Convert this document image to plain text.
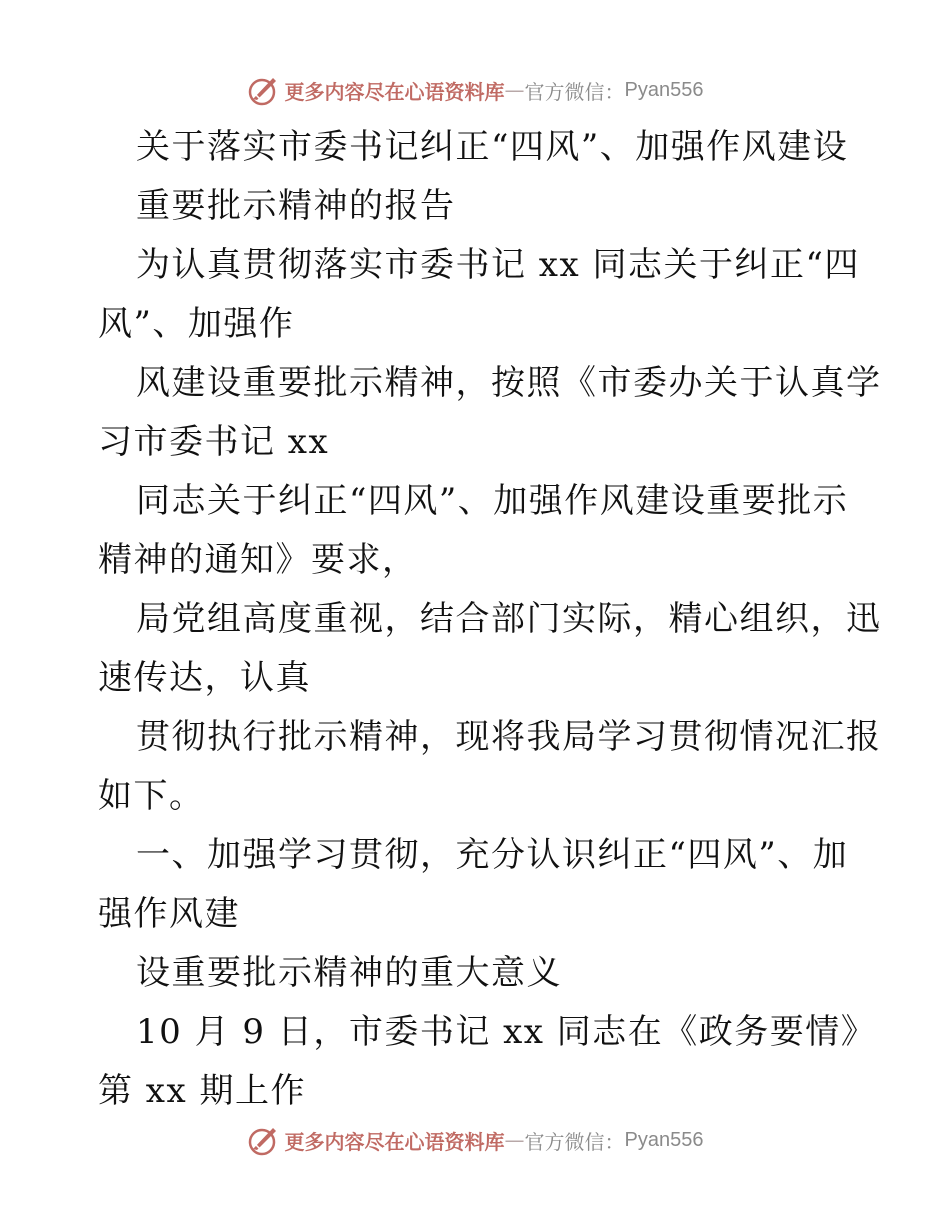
更多内容尽在心语资料库 — 官方微信： Pyan556
关于落实市委书记纠正“四风”、加强作风建设
重要批示精神的报告
为认真贯彻落实市委书记 xx 同志关于纠正“四
风”、加强作
风建设重要批示精神，按照《市委办关于认真学
习市委书记 xx
同志关于纠正“四风”、加强作风建设重要批示
精神的通知》要求，
局党组高度重视，结合部门实际，精心组织，迅
速传达，认真
贯彻执行批示精神，现将我局学习贯彻情况汇报
如下。
一、加强学习贯彻，充分认识纠正“四风”、加
强作风建
设重要批示精神的重大意义
10 月 9 日，市委书记 xx 同志在《政务要情》
第 xx 期上作
更多内容尽在心语资料库 — 官方微信： Pyan556
